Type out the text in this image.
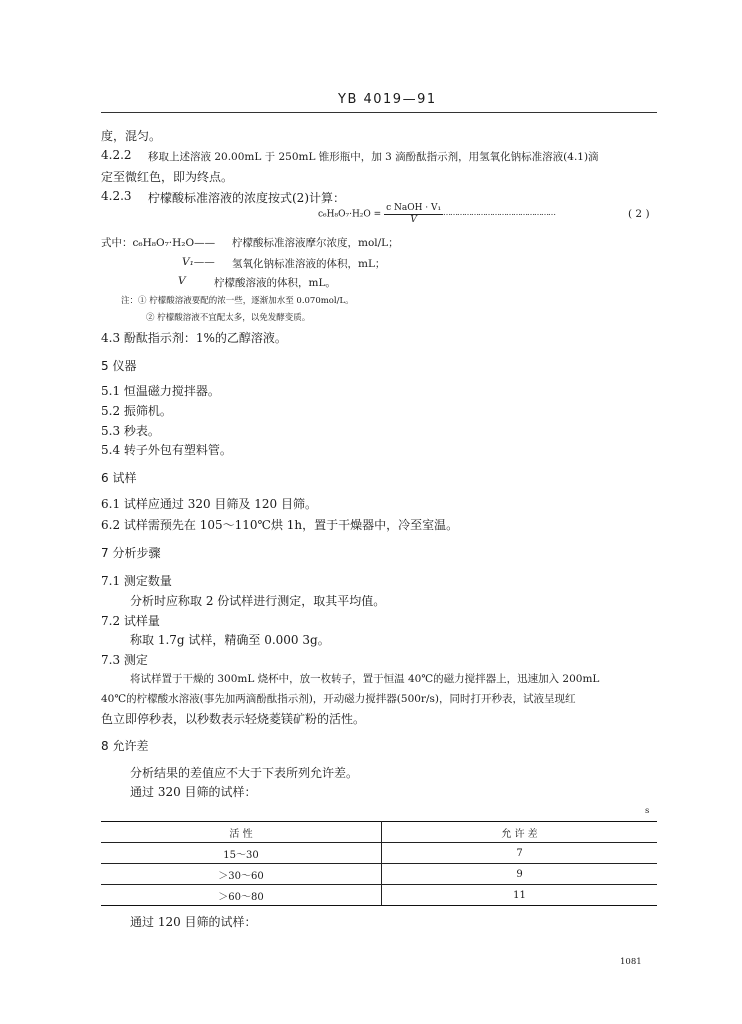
YB 4019—91
度，混匀。
4.2.2 移取上述溶液 20.00mL 于 250mL 锥形瓶中，加 3 滴酚酞指示剂，用氢氧化钠标准溶液(4.1)滴
定至微红色，即为终点。
4.2.3 柠檬酸标准溶液的浓度按式(2)计算：
$c_6H_8O_7\cdot H_2O = \frac{\text{c NaOH · V₁}}{V}$ …………………………………………	( 2 )
式中：c₆H₈O₇·H₂O—— 柠檬酸标准溶液摩尔浓度，mol/L；
V₁—— 氢氧化钠标准溶液的体积，mL；
V	柠檬酸溶液的体积，mL。
注：① 柠檬酸溶液要配的浓一些，逐渐加水至 0.070mol/L。
② 柠檬酸溶液不宜配太多，以免发酵变质。
4.3 酚酞指示剂：1%的乙醇溶液。
5 仪器
5.1 恒温磁力搅拌器。
5.2 振筛机。
5.3 秒表。
5.4 转子外包有塑料管。
6 试样
6.1 试样应通过 320 目筛及 120 目筛。
6.2 试样需预先在 105～110℃烘 1h，置于干燥器中，冷至室温。
7 分析步骤
7.1 测定数量
分析时应称取 2 份试样进行测定，取其平均值。
7.2 试样量
称取 1.7g 试样，精确至 0.000 3g。
7.3 测定
将试样置于干燥的 300mL 烧杯中，放一枚转子，置于恒温 40℃的磁力搅拌器上，迅速加入 200mL
40℃的柠檬酸水溶液(事先加两滴酚酞指示剂)，开动磁力搅拌器(500r/s)，同时打开秒表，试液呈现红
色立即停秒表，以秒数表示轻烧菱镁矿粉的活性。
8 允许差
分析结果的差值应不大于下表所列允许差。
通过 320 目筛的试样：
s
活 性	允 许 差
15～30	7
＞30～60	9
＞60～80	11
通过 120 目筛的试样：
1081
